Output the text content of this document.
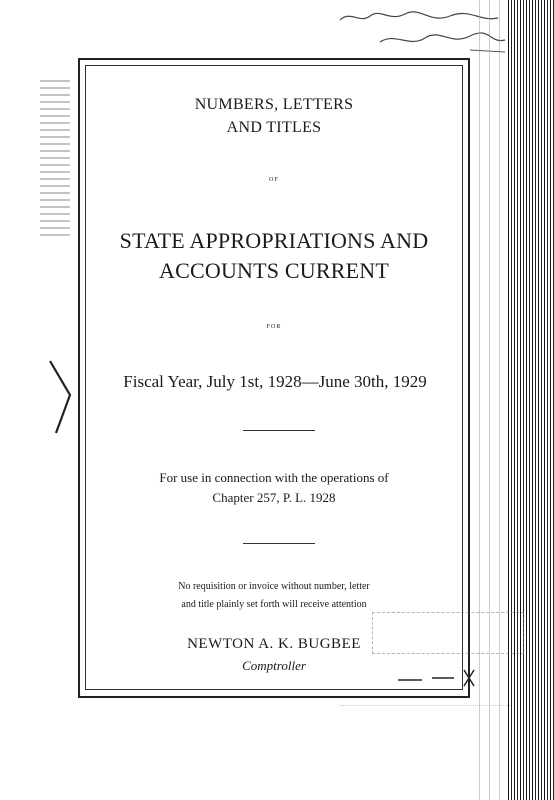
NUMBERS, LETTERS

AND TITLES

OF

STATE APPROPRIATIONS AND

ACCOUNTS CURRENT

FOR

Fiscal Year, July 1st, 1928—June 30th, 1929

For use in connection with the operations of

Chapter 257, P. L. 1928

No requisition or invoice without number, letter

and title plainly set forth will receive attention

NEWTON A. K. BUGBEE

Comptroller
